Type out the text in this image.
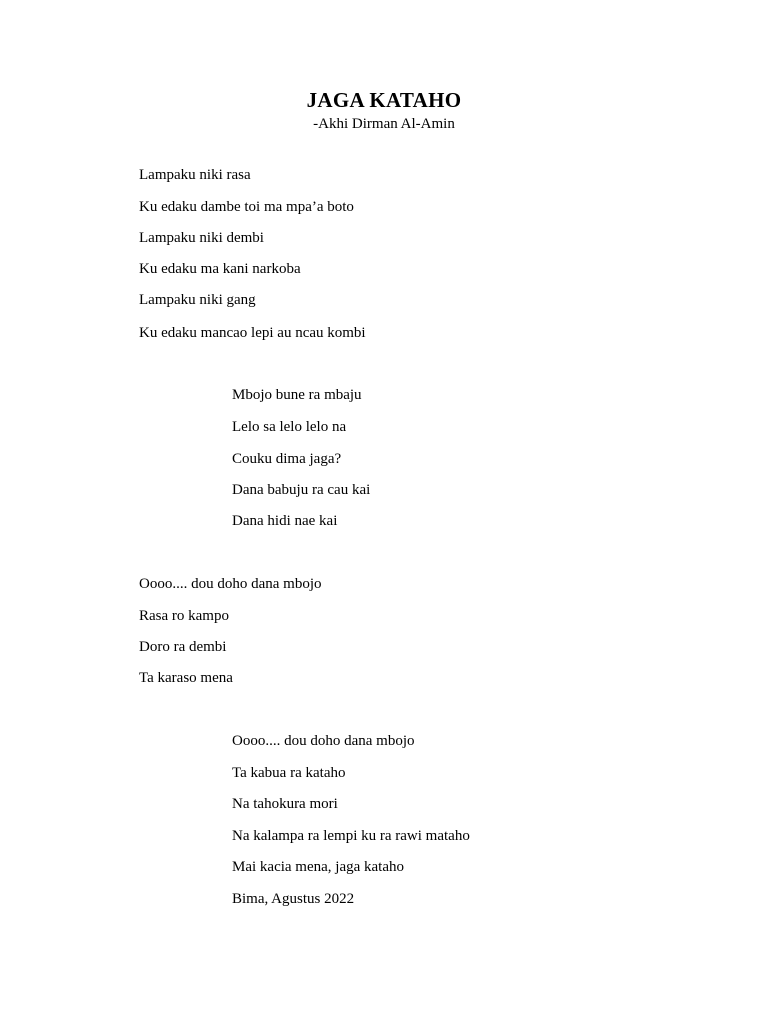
JAGA KATAHO
-Akhi Dirman Al-Amin
Lampaku niki rasa
Ku edaku dambe toi ma mpa’a boto
Lampaku niki dembi
Ku edaku ma kani narkoba
Lampaku niki gang
Ku edaku mancao lepi au ncau kombi
Mbojo bune ra mbaju
Lelo sa lelo lelo na
Couku dima jaga?
Dana babuju ra cau kai
Dana hidi nae kai
Oooo.... dou doho dana mbojo
Rasa ro kampo
Doro ra dembi
Ta karaso mena
Oooo.... dou doho dana mbojo
Ta kabua ra kataho
Na tahokura mori
Na kalampa ra lempi ku ra rawi mataho
Mai kacia mena, jaga kataho
Bima, Agustus 2022
